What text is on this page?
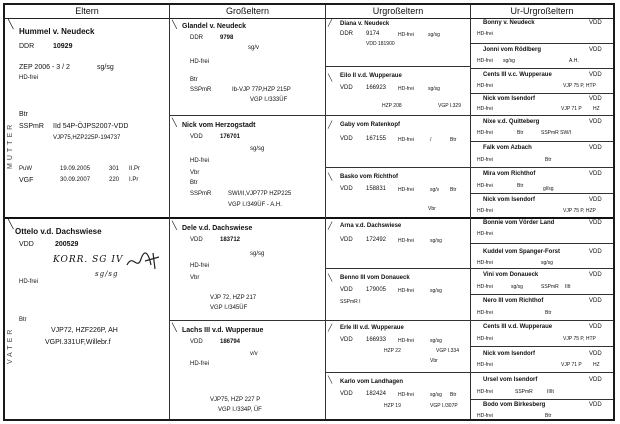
Eltern	Großeltern	Urgroßeltern	Ur-Urgroßeltern
MUTTER
VATER
╲
Hummel v. Neudeck
DDR	10929
ZEP 2006 - 3 / 2	sg/sg
HD-frei
Btr
SSPmR IId 54P-ÖJPS2007-VDD
VJP75,HZP225P-194737
PuW	19.09.2005	301 II.Pr
VGF	30.09.2007	220 I.Pr
╲
Ottelo v.d. Dachswiese
VDD	200529
KORR. SG IV
sg/sg
HD-frei
Btr
VJP72, HZF226P, AH
VGPI.331UF,Willebr.f
╲ Glandel v. Neudeck
DDR	9798
sg/v
HD-frei
Btr
SSPmR	Ib-VJP 77P,HZP 215P
VGP I./333ÜF
╲ Nick vom Herzogstadt
VDD	176701
sg/sg
HD-frei
Vbr
Btr
SSPmR	SWI/II,VJP77P HZP225
VGP I./349ÜF - A.H.
╲ Dele v.d. Dachswiese
VDD	183712
sg/sg
HD-frei
Vbr
VJP 72, HZP 217
VGP I./345ÜF
╲ Lachs III v.d. Wupperaue
VDD	186794
v/v
HD-frei
VJP75, HZP 227 P
VGP I./334P, ÜF
╱ Diana v. Neudeck
DDR 9174	HD-frei	sg/sg
VDD 181900
╲ Eilo II v.d. Wupperaue
VDD 166923 HD-frei	sg/sg
HZP 208	VGP I.329
╱ Gaby vom Ratenkopf
VDD 167155 HD-frei	/	Btr
╲ Basko vom Richthof
VDD 158831 HD-frei	sg/v Btr
Vbr
╱ Arna v.d. Dachswiese
VDD 172492 HD-frei	sg/sg
╲ Benno III vom Donaueck
VDD 179005 HD-frei	sg/sg
SSPmR I
╱ Erle III v.d. Wupperaue
VDD 166933 HD-frei	sg/sg
HZP 22	VGP I.334
Vbr
╲ Karlo vom Landhagen
VDD 182424 HD-frei	sg/sg Btr
HZP 19	VGP I./307P
Bonny v. Neudeck	VDD
HD-frei
Jonni vom Rödlberg	VDD
HD-frei sg/sg	A.H.
Cents III v.c. Wupperaue	VDD
HD-frei	VJP 75 P, HTP
Nick vom Isendorf	VDD
HD-frei	VJP 71 P HZ
Nixe v.d. Quitteberg	VDD
HD-frei	Btr	SSPmR SW/I
Falk vom Azbach	VDD
HD-frei	Btr
Mira vom Richthof	VDD
HD-frei	Btr	gl/sg
Nick vom Isendorf	VDD
HD-frei	VJP 75 P, HZP
Bonnie vom Vörder Land	VDD
HD-frei
Kuddel vom Spanger-Forst	VDD
HD-frei	sg/sg
Vini vom Donaueck	VDD
HD-frei	sg/sg	SSPmR IIIt
Nero III vom Richthof	VDD
HD-frei	Btr
Cents III v.d. Wupperaue	VDD
HD-frei	VJP 75 P, HTP
Nick vom Isendorf	VDD
HD-frei	VJP 71 P HZ
Ursel vom Isendorf	VDD
HD-frei	SSPmR	IIIIt
Bodo vom Birkesberg	VDD
HD-frei	Btr
